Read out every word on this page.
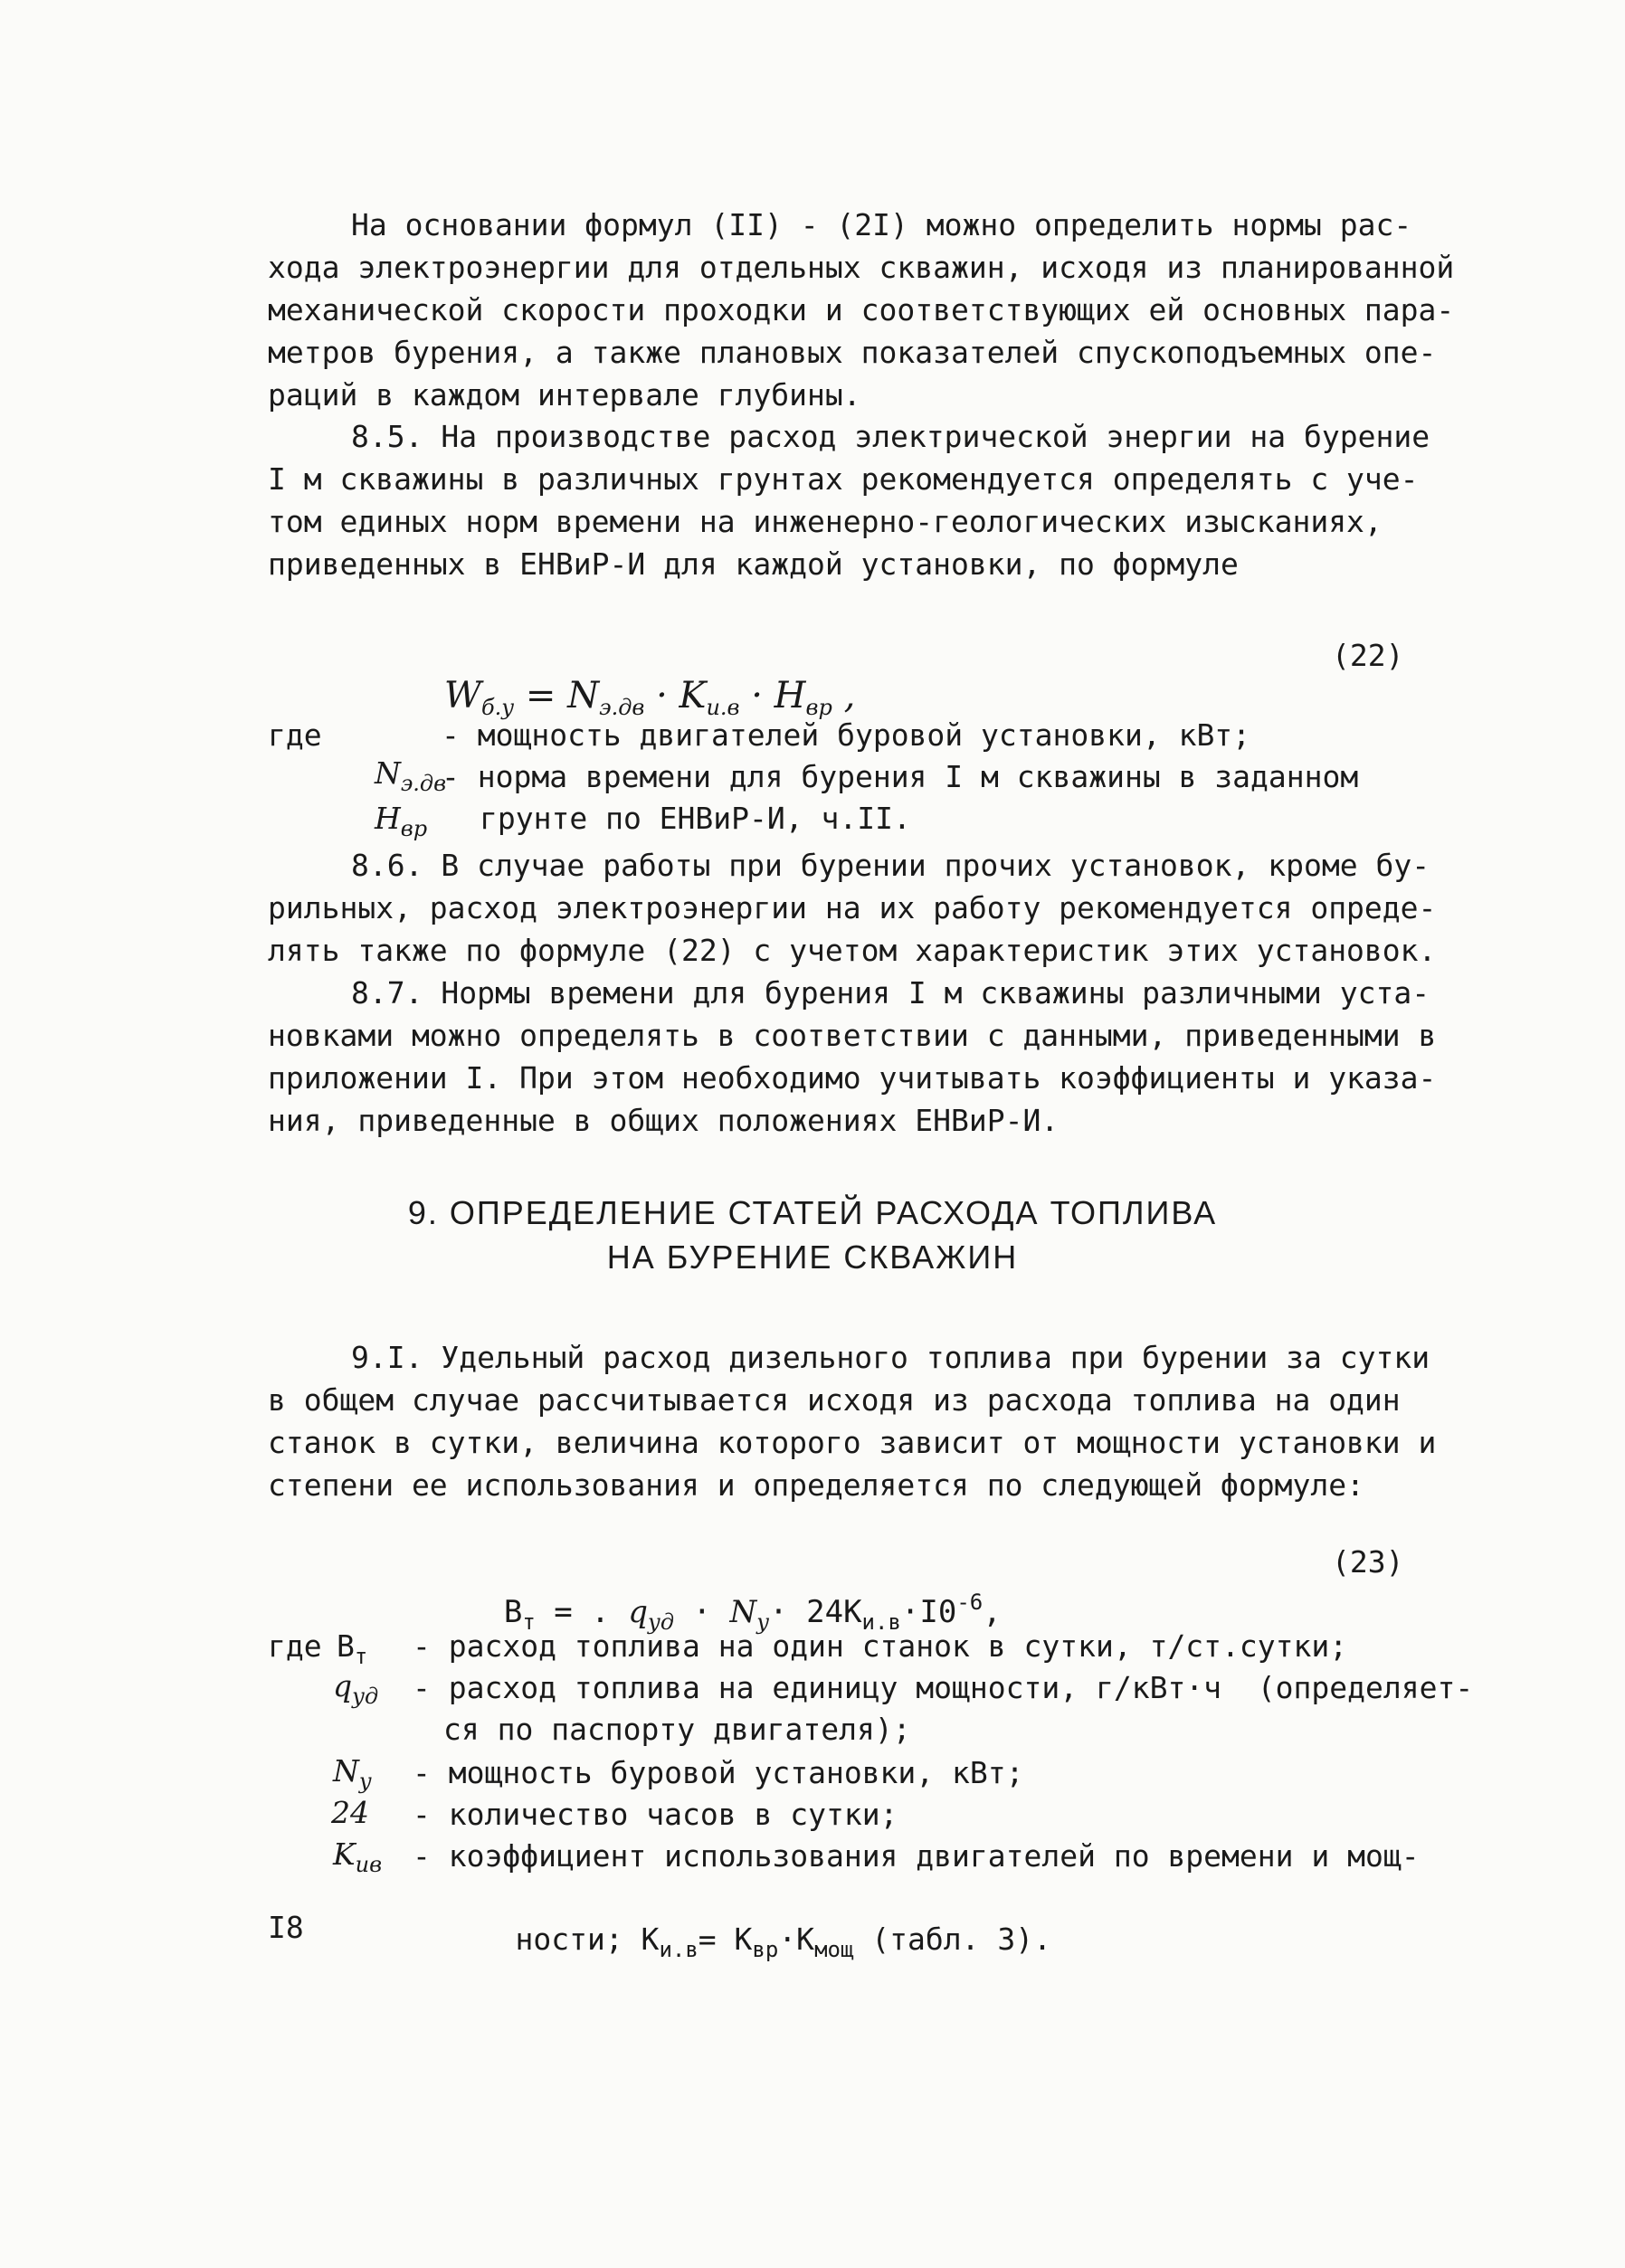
На основании формул (II) - (2I) можно определить нормы рас-
хода электроэнергии для отдельных скважин, исходя из планированной
механической скорости проходки и соответствующих ей основных пара-
метров бурения, а также плановых показателей спускоподъемных опе-
раций в каждом интервале глубины.
8.5. На производстве расход электрической энергии на бурение
I м скважины в различных грунтах рекомендуется определять с уче-
том единых норм времени на инженерно-геологических изысканиях,
приведенных в ЕНВиР-И для каждой установки, по формуле

$W_{б.у} = N_{э.дв} \cdot K_{и.в} \cdot H_{вр}$ ,

(22)
где

$N_{э.дв}$

- мощность двигателей буровой установки, кВт;

$H_{вр}$

- норма времени для бурения I м скважины в заданном
грунте по ЕНВиР-И, ч.II.
8.6. В случае работы при бурении прочих установок, кроме бу-
рильных, расход электроэнергии на их работу рекомендуется опреде-
лять также по формуле (22) с учетом характеристик этих установок.
8.7. Нормы времени для бурения I м скважины различными уста-
новками можно определять в соответствии с данными, приведенными в
приложении I. При этом необходимо учитывать коэффициенты и указа-
ния, приведенные в общих положениях ЕНВиР-И.
9. ОПРЕДЕЛЕНИЕ СТАТЕЙ РАСХОДА ТОПЛИВА
НА БУРЕНИЕ СКВАЖИН
9.I. Удельный расход дизельного топлива при бурении за сутки
в общем случае рассчитывается исходя из расхода топлива на один
станок в сутки, величина которого зависит от мощности установки и
степени ее использования и определяется по следующей формуле:

$B_т$ = . $q_{уд} \cdot N_у\cdot 24K_{и.в}\cdot I0^{-6}$,

(23)
где $B_т$ - расход топлива на один станок в сутки, т/ст.сутки;
$q_{уд}$ - расход топлива на единицу мощности, г/кВт·ч  (определяет-
ся по паспорту двигателя);
$N_у$ - мощность буровой установки, кВт;
24 - количество часов в сутки;
$K_{ив}$ - коэффициент использования двигателей по времени и мощ-

ности; $K_{и.в}= K_{вр}\cdot K_{мощ}$ (табл. 3).

I8
